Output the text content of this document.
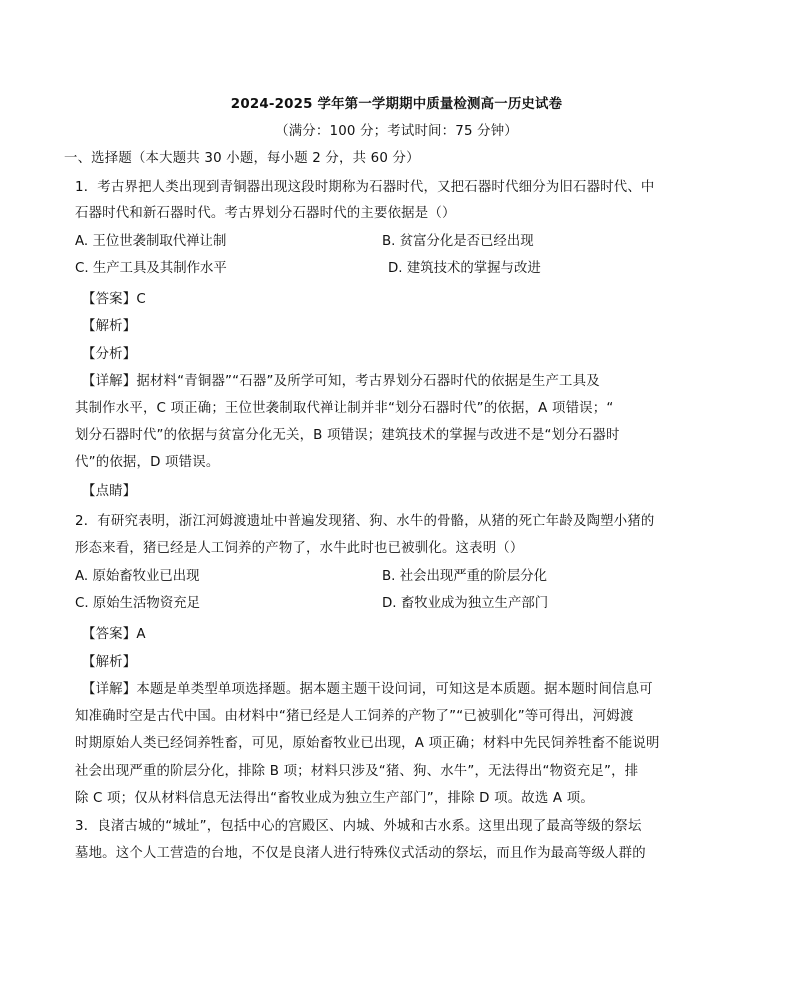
2024-2025 学年第一学期期中质量检测高一历史试卷
（满分：100 分；考试时间：75 分钟）
一、选择题（本大题共 30 小题，每小题 2 分，共 60 分）
1．考古界把人类出现到青铜器出现这段时期称为石器时代，又把石器时代细分为旧石器时代、中
石器时代和新石器时代。考古界划分石器时代的主要依据是（）
A. 王位世袭制取代禅让制	B. 贫富分化是否已经出现
C. 生产工具及其制作水平	D. 建筑技术的掌握与改进
【答案】C
【解析】
【分析】
【详解】据材料“青铜器”“石器”及所学可知，考古界划分石器时代的依据是生产工具及
其制作水平，C 项正确；王位世袭制取代禅让制并非“划分石器时代”的依据，A 项错误；“
划分石器时代”的依据与贫富分化无关，B 项错误；建筑技术的掌握与改进不是“划分石器时
代”的依据，D 项错误。
【点睛】
2．有研究表明，浙江河姆渡遗址中普遍发现猪、狗、水牛的骨骼，从猪的死亡年龄及陶塑小猪的
形态来看，猪已经是人工饲养的产物了，水牛此时也已被驯化。这表明（）
A. 原始畜牧业已出现	B. 社会出现严重的阶层分化
C. 原始生活物资充足	D. 畜牧业成为独立生产部门
【答案】A
【解析】
【详解】本题是单类型单项选择题。据本题主题干设问词，可知这是本质题。据本题时间信息可
知准确时空是古代中国。由材料中“猪已经是人工饲养的产物了”“已被驯化”等可得出，河姆渡
时期原始人类已经饲养牲畜，可见，原始畜牧业已出现，A 项正确；材料中先民饲养牲畜不能说明
社会出现严重的阶层分化，排除 B 项；材料只涉及“猪、狗、水牛”，无法得出“物资充足”，排
除 C 项；仅从材料信息无法得出“畜牧业成为独立生产部门”，排除 D 项。故选 A 项。
3．良渚古城的“城址”，包括中心的宫殿区、内城、外城和古水系。这里出现了最高等级的祭坛
墓地。这个人工营造的台地，不仅是良渚人进行特殊仪式活动的祭坛，而且作为最高等级人群的
